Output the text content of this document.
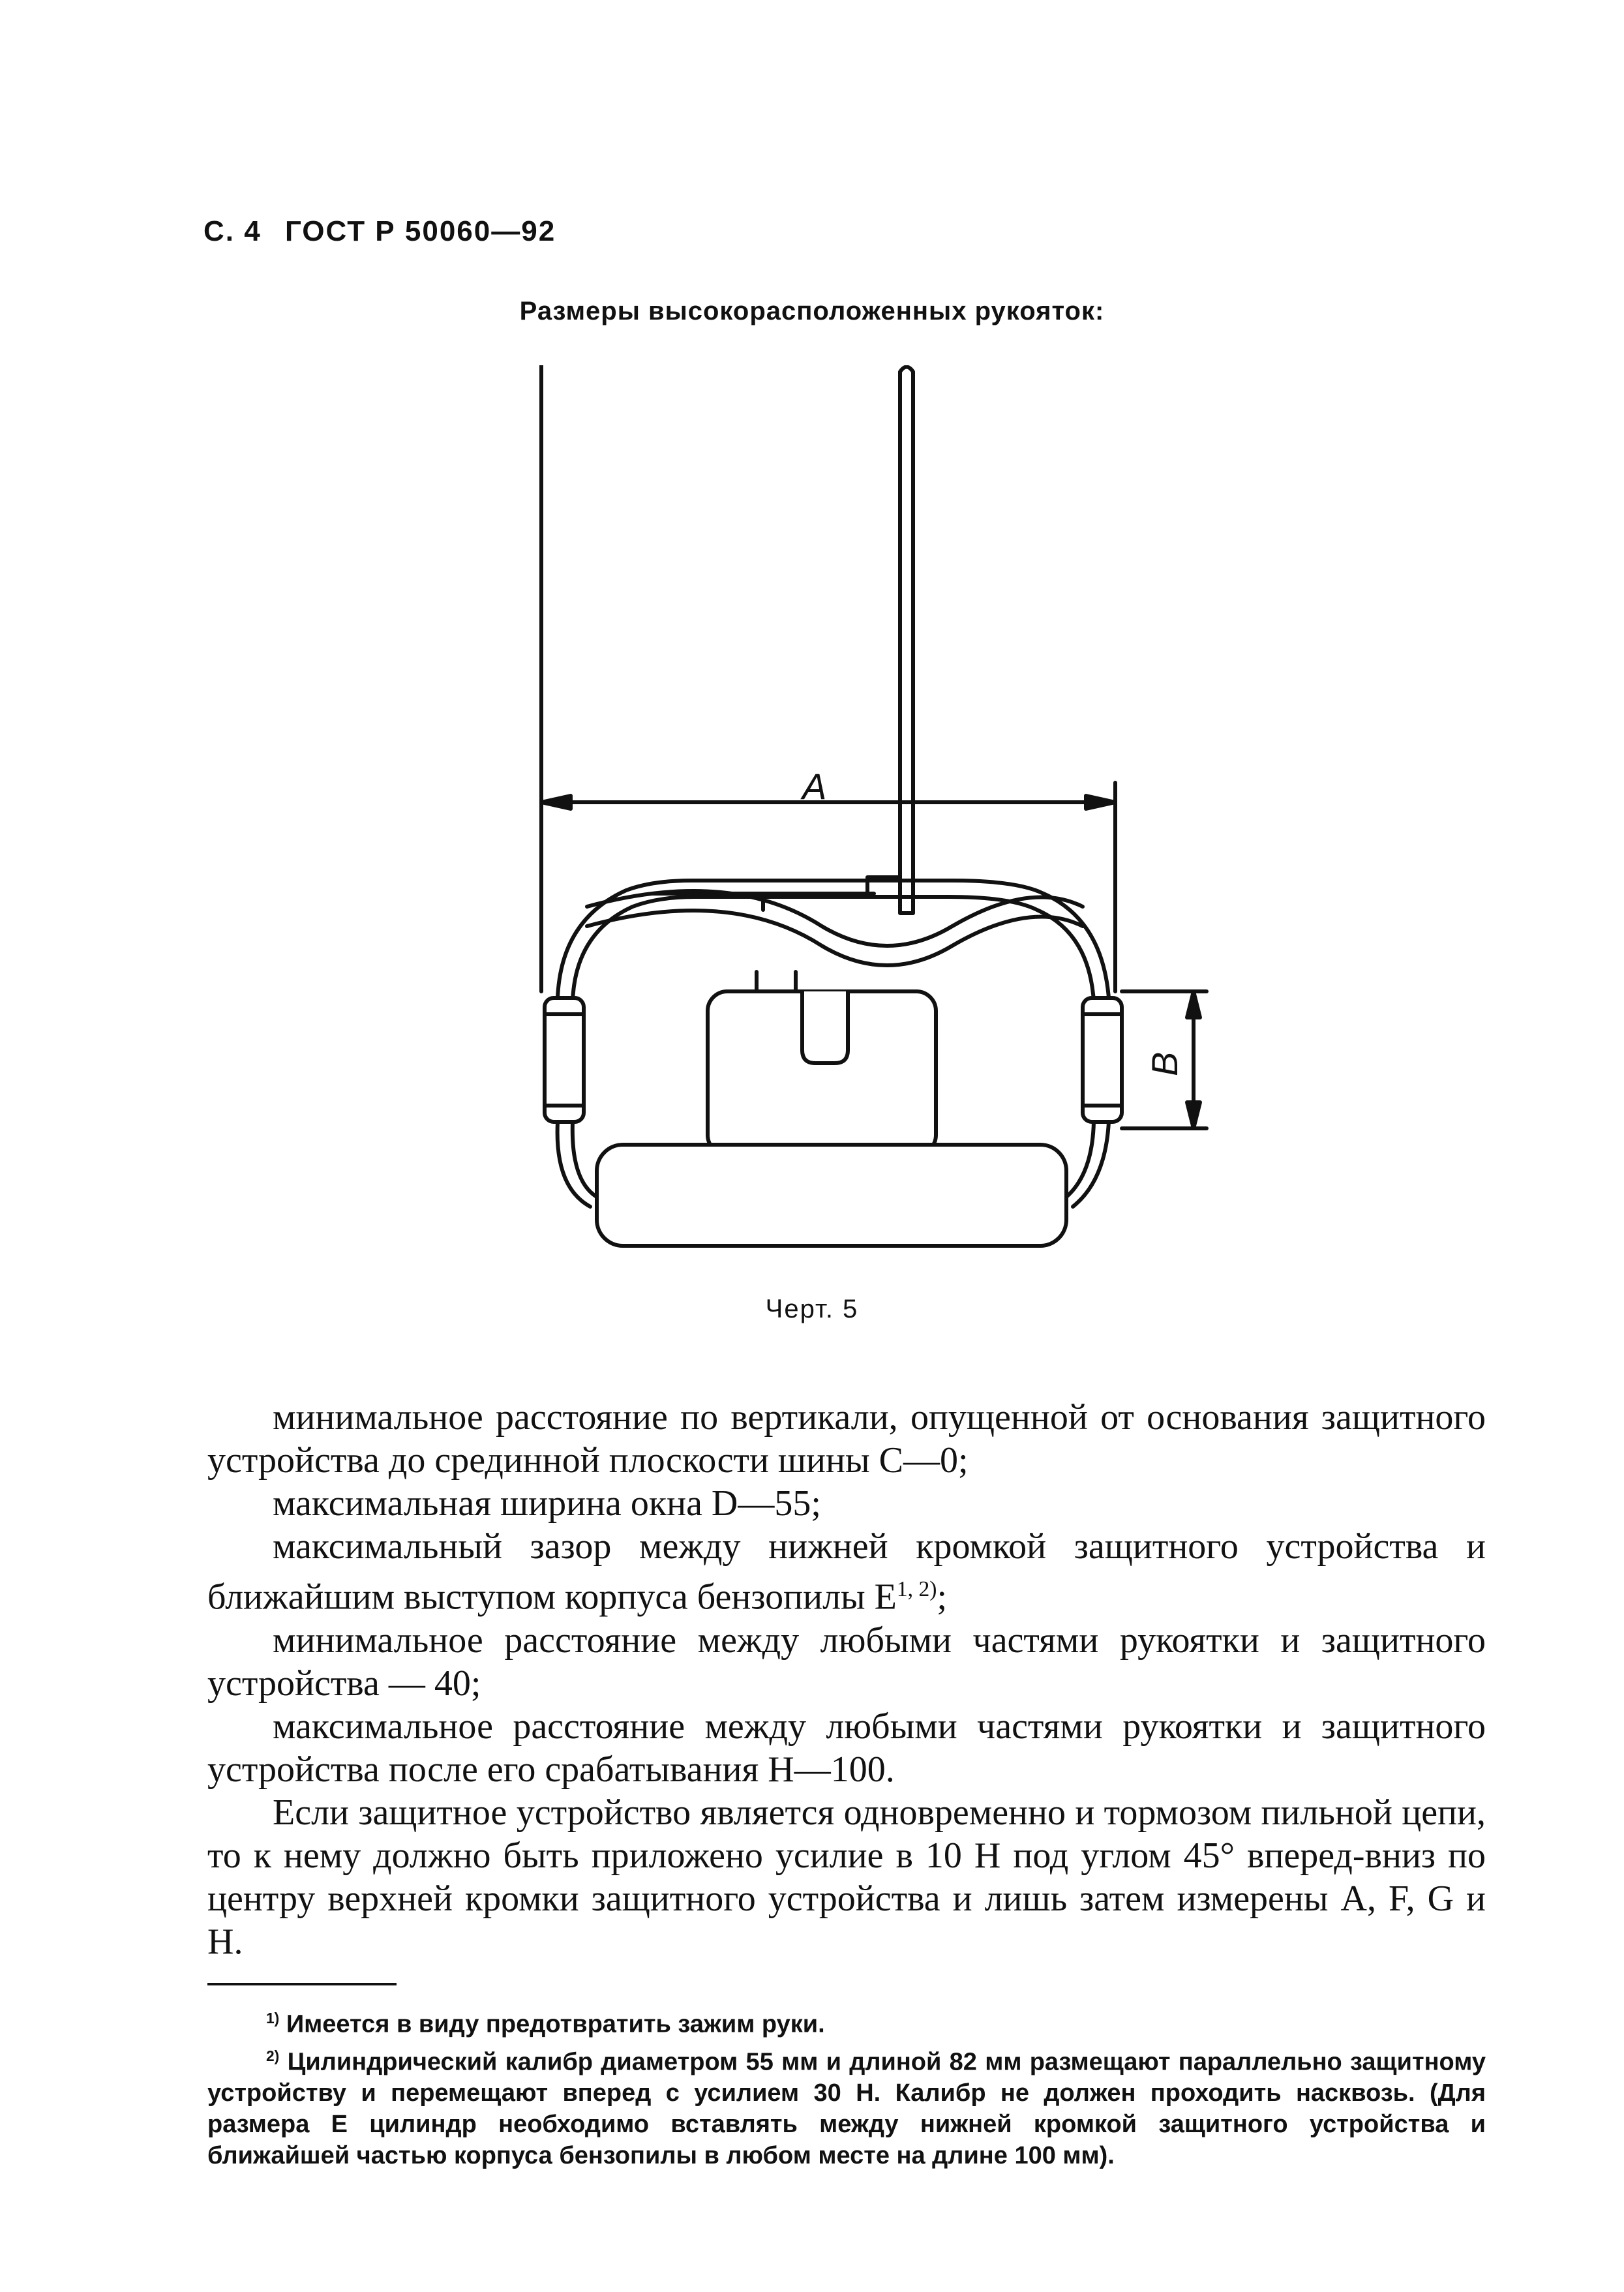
С. 4 ГОСТ Р 50060—92
Размеры высокорасположенных рукояток:
А
В
Черт. 5
минимальное расстояние по вертикали, опущенной от основания защитного устройства до срединной плоскости шины С—0;
максимальная ширина окна D—55;
максимальный зазор между нижней кромкой защитного устройства и ближайшим выступом корпуса бензопилы Е$^{1, 2)}$;
минимальное расстояние между любыми частями рукоятки и защитного устройства — 40;
максимальное расстояние между любыми частями рукоятки и защитного устройства после его срабатывания Н—100.
Если защитное устройство является одновременно и тормозом пильной цепи, то к нему должно быть приложено усилие в 10 Н под углом 45° вперед-вниз по центру верхней кромки защитного устройства и лишь затем измерены A, F, G и H.
$^{1)}$ Имеется в виду предотвратить зажим руки.
$^{2)}$ Цилиндрический калибр диаметром 55 мм и длиной 82 мм размещают параллельно защитному устройству и перемещают вперед с усилием 30 Н. Калибр не должен проходить насквозь. (Для размера Е цилиндр необходимо вставлять между нижней кромкой защитного устройства и ближайшей частью корпуса бензопилы в любом месте на длине 100 мм).
